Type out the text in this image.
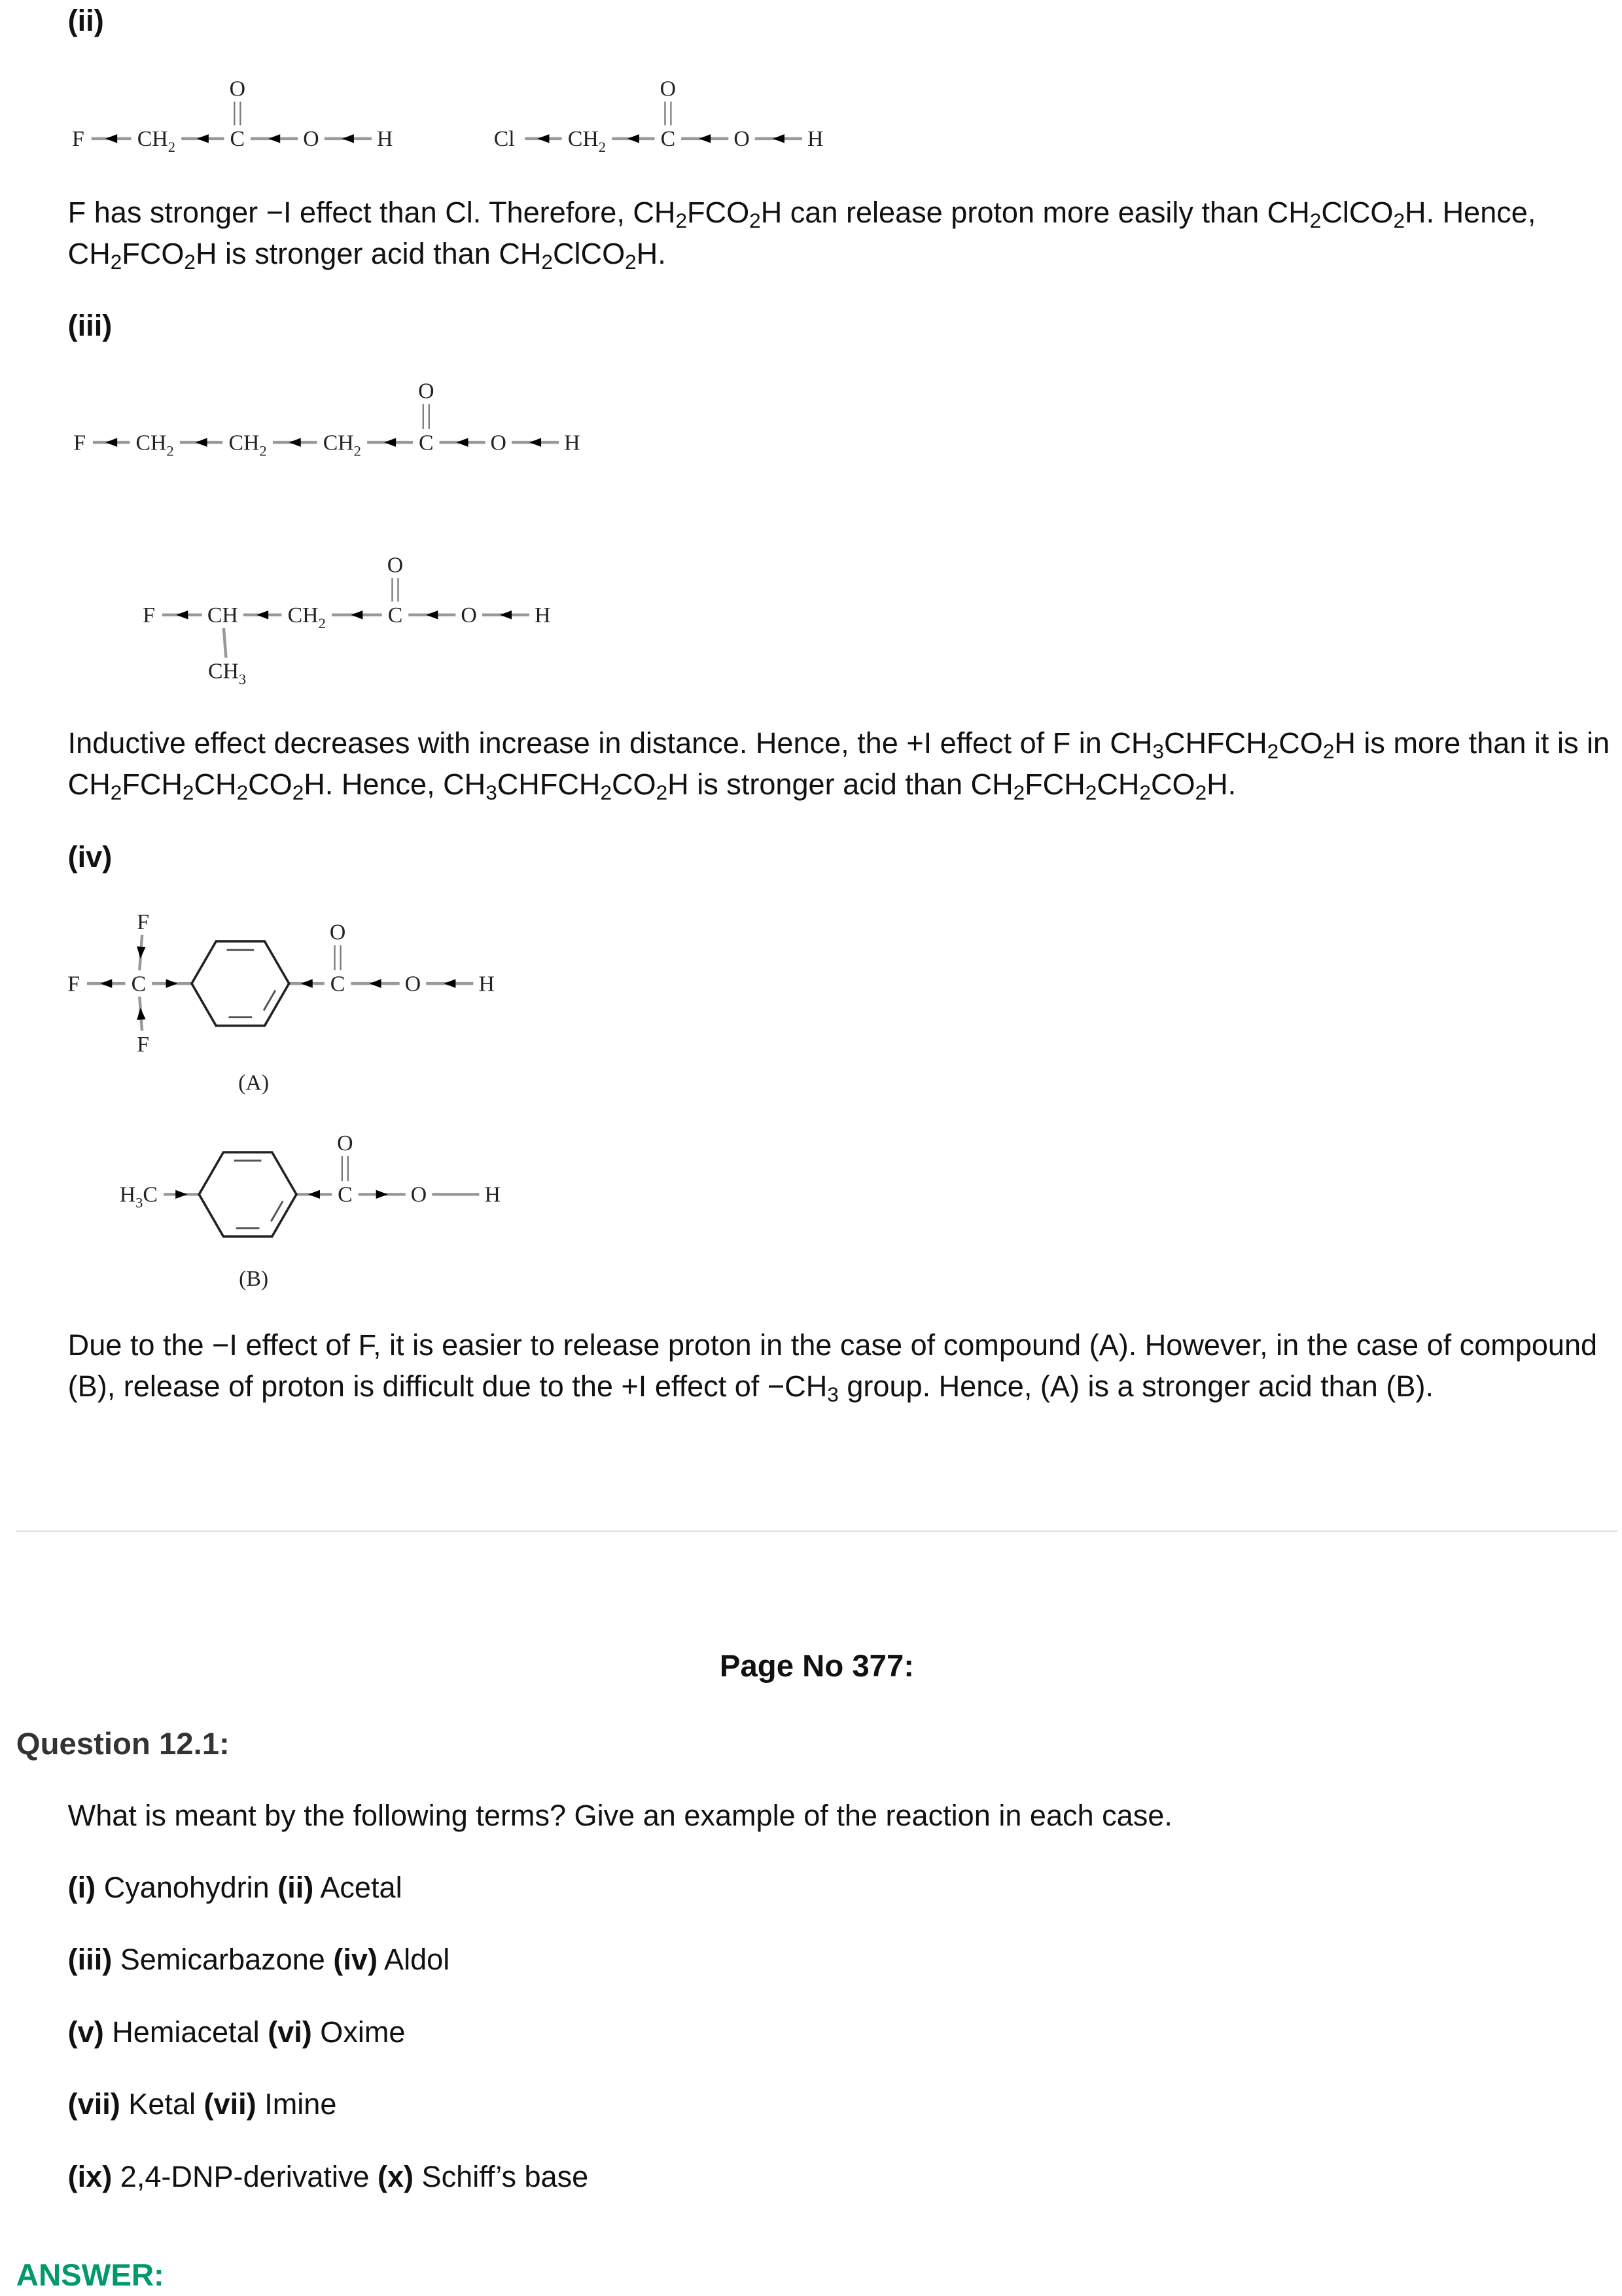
(ii)
F has stronger −I effect than Cl. Therefore, $CH_2FCO_2H$ can release proton more easily than $CH_2ClCO_2H$. Hence, $CH_2FCO_2H$ is stronger acid than $CH_2ClCO_2H$.
(iii)
Inductive effect decreases with increase in distance. Hence, the +I effect of F in $CH_3CHFCH_2CO_2H$ is more than it is in $CH_2FCH_2CH_2CO_2H$. Hence, $CH_3CHFCH_2CO_2H$ is stronger acid than $CH_2FCH_2CH_2CO_2H$.
(iv)
Due to the −I effect of F, it is easier to release proton in the case of compound (A). However, in the case of compound (B), release of proton is difficult due to the +I effect of $-CH_3$ group. Hence, (A) is a stronger acid than (B).
F	$CH_2$	C	O	H
O
Cl	$CH_2$	C	O	H
O
F	$CH_2$	$CH_2$	$CH_2$	C	O	H
O
F	CH	$CH_2$	C	O	H
O
$CH_3$
F	C
F
F
C
O
O	H
(A)
$H_3C$	C
O
O	H
(B)
Page No 377:
Question 12.1:
What is meant by the following terms? Give an example of the reaction in each case.
(i) Cyanohydrin (ii) Acetal
(iii) Semicarbazone (iv) Aldol
(v) Hemiacetal (vi) Oxime
(vii) Ketal (vii) Imine
(ix) 2,4-DNP-derivative (x) Schiff’s base
ANSWER:
